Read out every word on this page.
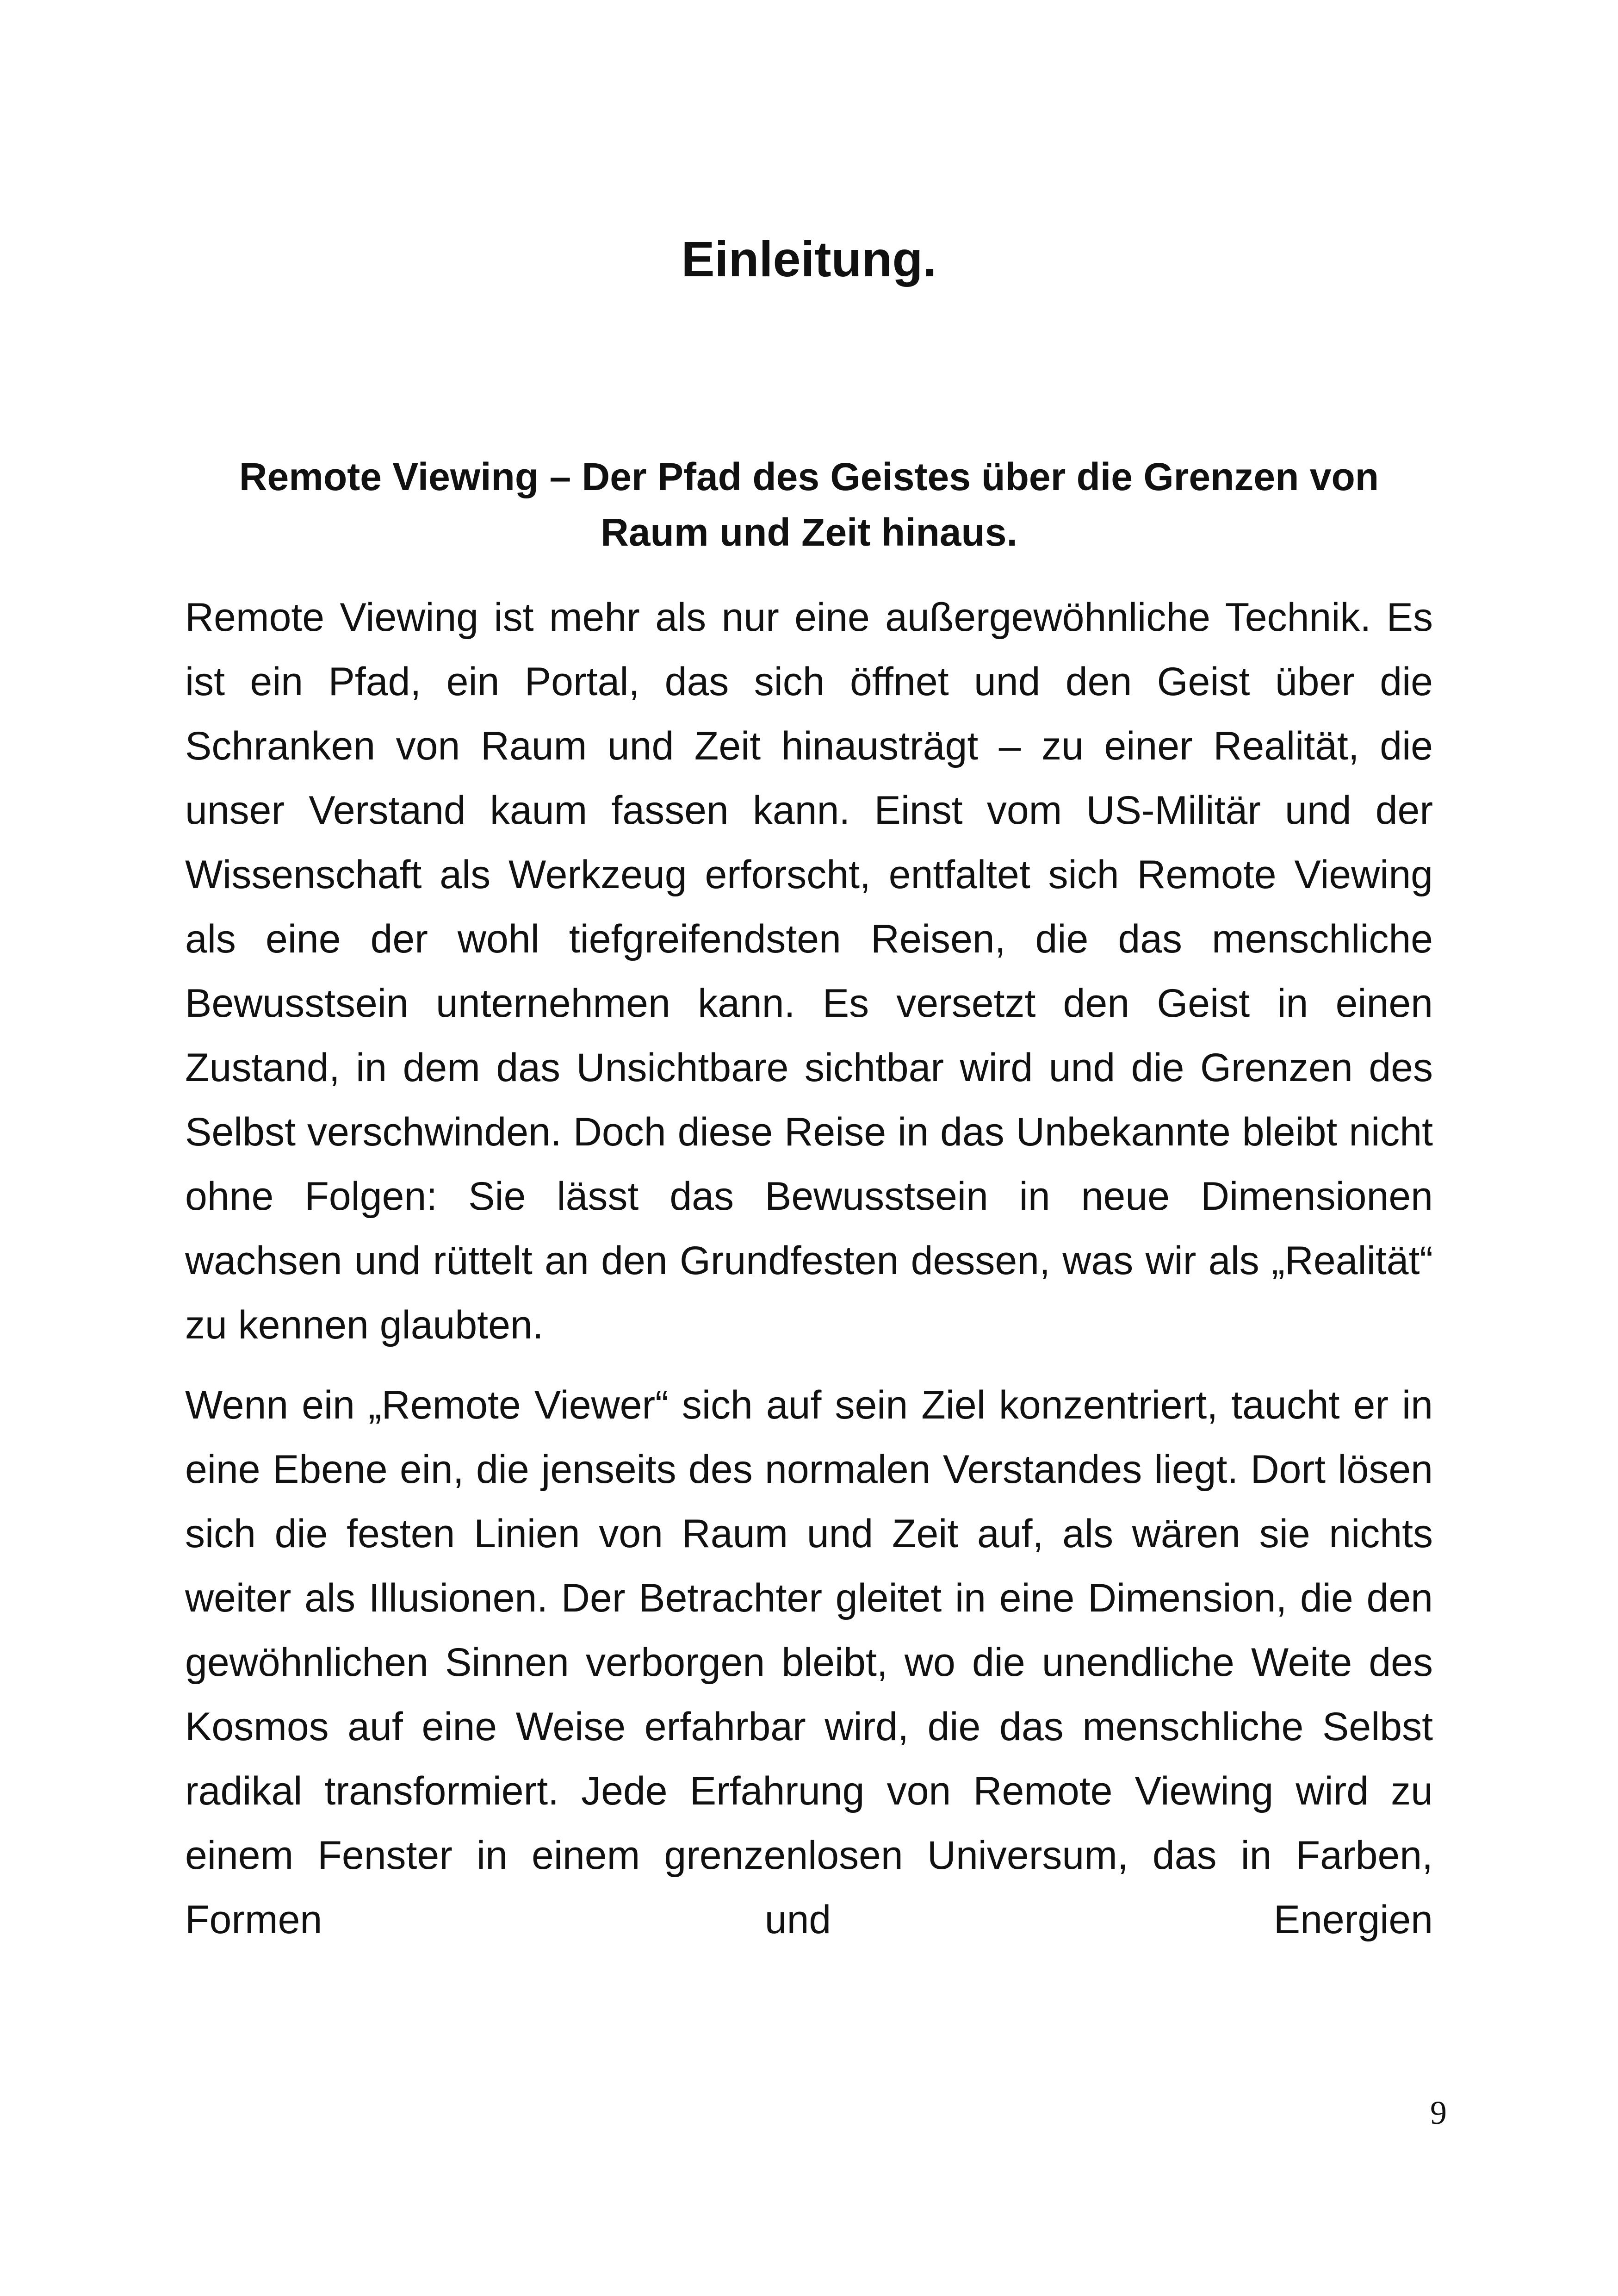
Einleitung.
Remote Viewing – Der Pfad des Geistes über die Grenzen von Raum und Zeit hinaus.

Remote Viewing ist mehr als nur eine außergewöhnliche Technik. Es ist ein Pfad, ein Portal, das sich öffnet und den Geist über die Schranken von Raum und Zeit hinausträgt – zu einer Realität, die unser Verstand kaum fassen kann. Einst vom US-Militär und der Wissenschaft als Werkzeug erforscht, entfaltet sich Remote Viewing als eine der wohl tiefgreifendsten Reisen, die das menschliche Bewusstsein unternehmen kann. Es versetzt den Geist in einen Zustand, in dem das Unsichtbare sichtbar wird und die Grenzen des Selbst verschwinden. Doch diese Reise in das Unbekannte bleibt nicht ohne Folgen: Sie lässt das Bewusstsein in neue Dimensionen wachsen und rüttelt an den Grundfesten dessen, was wir als „Realität“ zu kennen glaubten.

Wenn ein „Remote Viewer“ sich auf sein Ziel konzentriert, taucht er in eine Ebene ein, die jenseits des normalen Verstandes liegt. Dort lösen sich die festen Linien von Raum und Zeit auf, als wären sie nichts weiter als Illusionen. Der Betrachter gleitet in eine Dimension, die den gewöhnlichen Sinnen verborgen bleibt, wo die unendliche Weite des Kosmos auf eine Weise erfahrbar wird, die das menschliche Selbst radikal transformiert. Jede Erfahrung von Remote Viewing wird zu einem Fenster in einem grenzenlosen Universum, das in Farben, Formen und Energien

9
